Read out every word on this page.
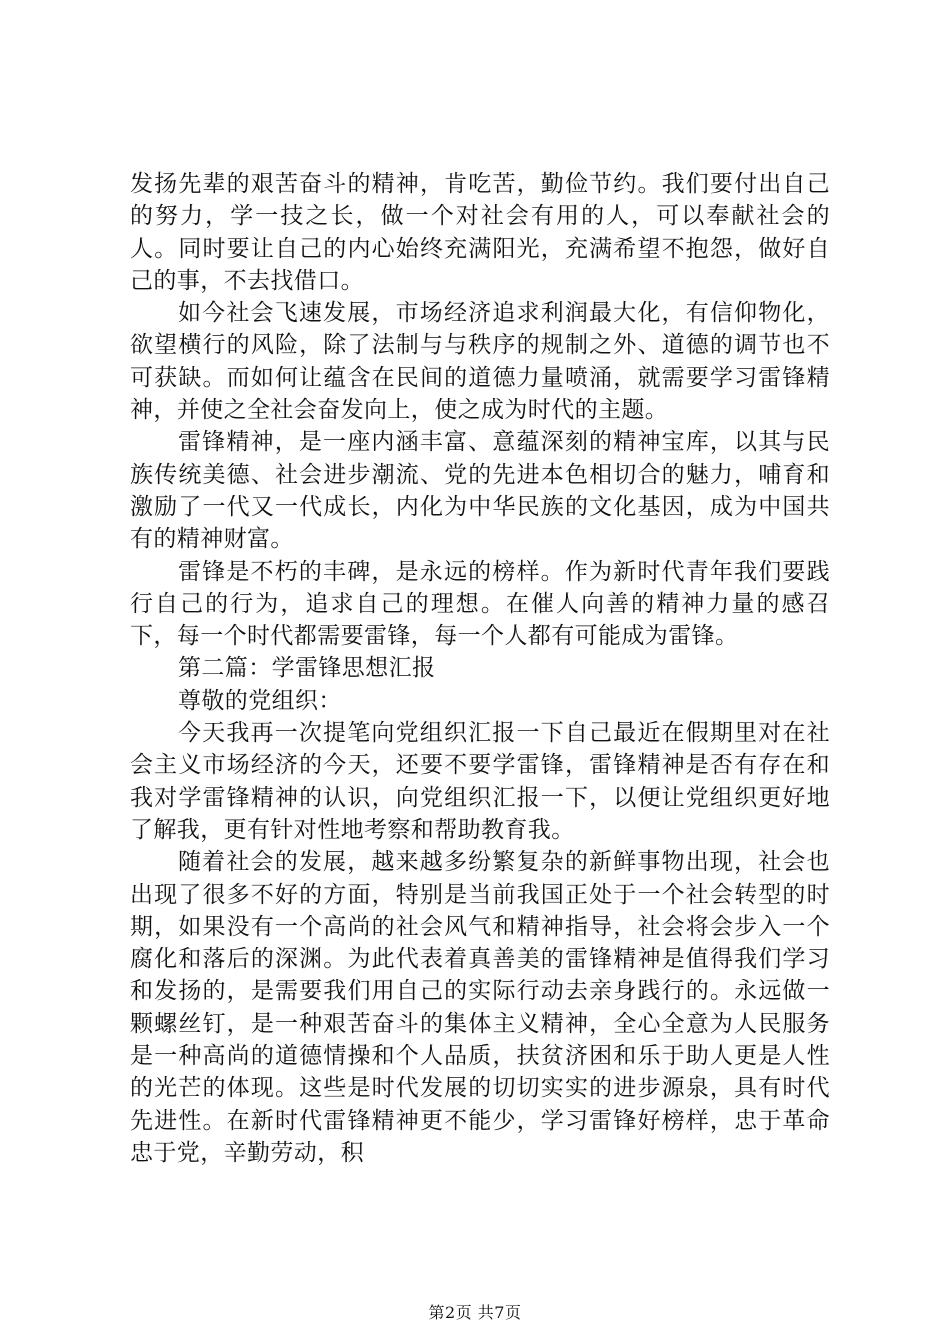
发扬先辈的艰苦奋斗的精神，肯吃苦，勤俭节约。我们要付出自己的努力，学一技之长，做一个对社会有用的人，可以奉献社会的人。同时要让自己的内心始终充满阳光，充满希望不抱怨，做好自己的事，不去找借口。

如今社会飞速发展，市场经济追求利润最大化，有信仰物化，欲望横行的风险，除了法制与与秩序的规制之外、道德的调节也不可获缺。而如何让蕴含在民间的道德力量喷涌，就需要学习雷锋精神，并使之全社会奋发向上，使之成为时代的主题。

雷锋精神，是一座内涵丰富、意蕴深刻的精神宝库，以其与民族传统美德、社会进步潮流、党的先进本色相切合的魅力，哺育和激励了一代又一代成长，内化为中华民族的文化基因，成为中国共有的精神财富。

雷锋是不朽的丰碑，是永远的榜样。作为新时代青年我们要践行自己的行为，追求自己的理想。在催人向善的精神力量的感召下，每一个时代都需要雷锋，每一个人都有可能成为雷锋。

第二篇：学雷锋思想汇报

尊敬的党组织：

今天我再一次提笔向党组织汇报一下自己最近在假期里对在社会主义市场经济的今天，还要不要学雷锋，雷锋精神是否有存在和我对学雷锋精神的认识，向党组织汇报一下，以便让党组织更好地了解我，更有针对性地考察和帮助教育我。

随着社会的发展，越来越多纷繁复杂的新鲜事物出现，社会也出现了很多不好的方面，特别是当前我国正处于一个社会转型的时期，如果没有一个高尚的社会风气和精神指导，社会将会步入一个腐化和落后的深渊。为此代表着真善美的雷锋精神是值得我们学习和发扬的，是需要我们用自己的实际行动去亲身践行的。永远做一颗螺丝钉，是一种艰苦奋斗的集体主义精神，全心全意为人民服务是一种高尚的道德情操和个人品质，扶贫济困和乐于助人更是人性的光芒的体现。这些是时代发展的切切实实的进步源泉，具有时代先进性。在新时代雷锋精神更不能少，学习雷锋好榜样，忠于革命忠于党，辛勤劳动，积

第2页 共7页
